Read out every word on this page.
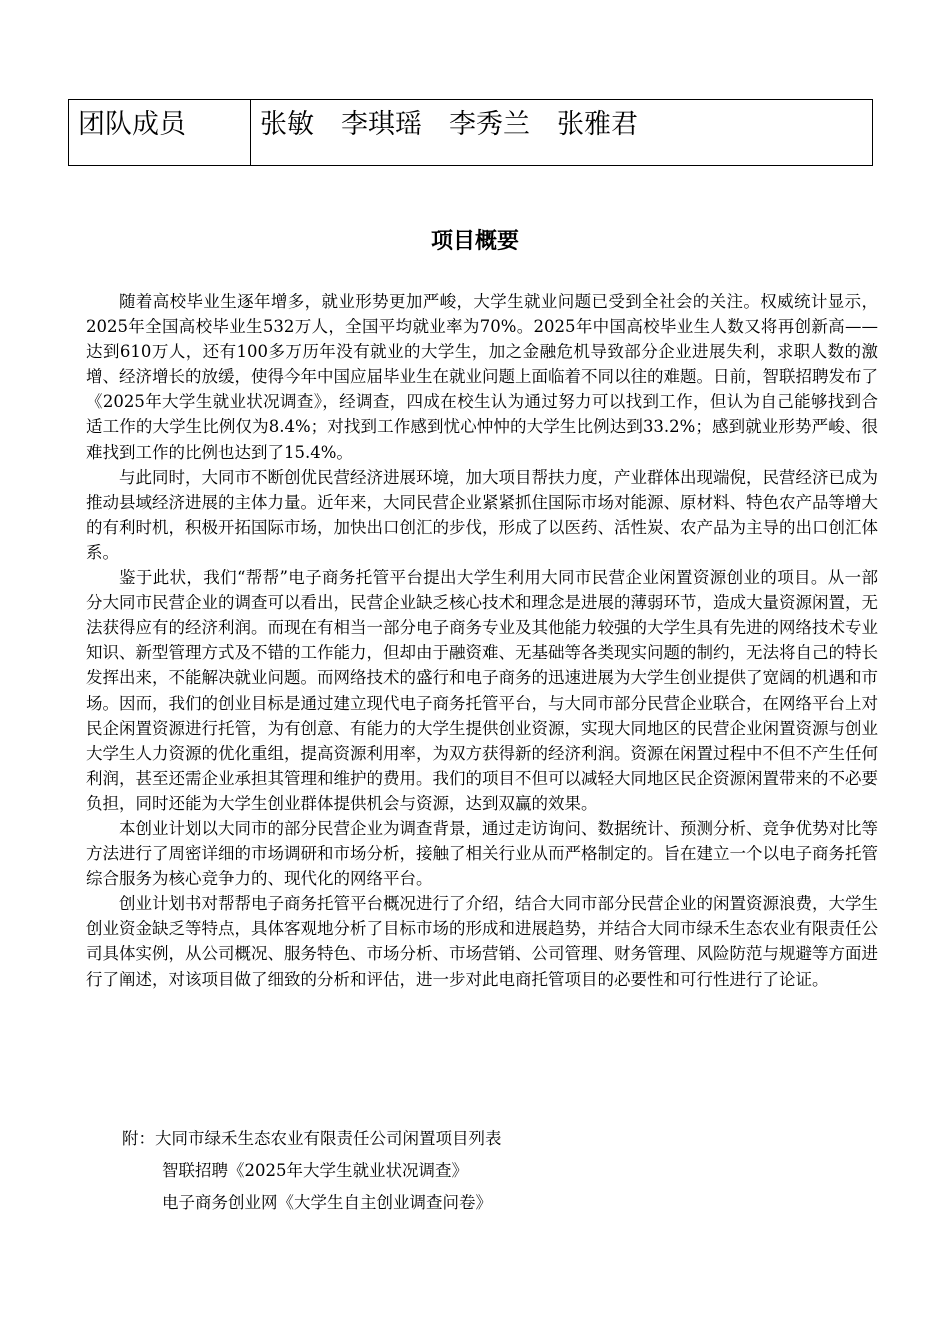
团队成员	张敏 李琪瑶 李秀兰 张雅君
项目概要

随着高校毕业生逐年增多，就业形势更加严峻，大学生就业问题已受到全社会的关注。权威统计显示，2025年全国高校毕业生532万人，全国平均就业率为70%。2025年中国高校毕业生人数又将再创新高——达到610万人，还有100多万历年没有就业的大学生，加之金融危机导致部分企业进展失利，求职人数的激增、经济增长的放缓，使得今年中国应届毕业生在就业问题上面临着不同以往的难题。日前，智联招聘发布了《2025年大学生就业状况调查》，经调查，四成在校生认为通过努力可以找到工作，但认为自己能够找到合适工作的大学生比例仅为8.4%；对找到工作感到忧心忡忡的大学生比例达到33.2%；感到就业形势严峻、很难找到工作的比例也达到了15.4%。

与此同时，大同市不断创优民营经济进展环境，加大项目帮扶力度，产业群体出现端倪，民营经济已成为推动县域经济进展的主体力量。近年来，大同民营企业紧紧抓住国际市场对能源、原材料、特色农产品等增大的有利时机，积极开拓国际市场，加快出口创汇的步伐，形成了以医药、活性炭、农产品为主导的出口创汇体系。

鉴于此状，我们“帮帮”电子商务托管平台提出大学生利用大同市民营企业闲置资源创业的项目。从一部分大同市民营企业的调查可以看出，民营企业缺乏核心技术和理念是进展的薄弱环节，造成大量资源闲置，无法获得应有的经济利润。而现在有相当一部分电子商务专业及其他能力较强的大学生具有先进的网络技术专业知识、新型管理方式及不错的工作能力，但却由于融资难、无基础等各类现实问题的制约，无法将自己的特长发挥出来，不能解决就业问题。而网络技术的盛行和电子商务的迅速进展为大学生创业提供了宽阔的机遇和市场。因而，我们的创业目标是通过建立现代电子商务托管平台，与大同市部分民营企业联合，在网络平台上对民企闲置资源进行托管，为有创意、有能力的大学生提供创业资源，实现大同地区的民营企业闲置资源与创业大学生人力资源的优化重组，提高资源利用率，为双方获得新的经济利润。资源在闲置过程中不但不产生任何利润，甚至还需企业承担其管理和维护的费用。我们的项目不但可以减轻大同地区民企资源闲置带来的不必要负担，同时还能为大学生创业群体提供机会与资源，达到双赢的效果。

本创业计划以大同市的部分民营企业为调查背景，通过走访询问、数据统计、预测分析、竞争优势对比等方法进行了周密详细的市场调研和市场分析，接触了相关行业从而严格制定的。旨在建立一个以电子商务托管综合服务为核心竞争力的、现代化的网络平台。

创业计划书对帮帮电子商务托管平台概况进行了介绍，结合大同市部分民营企业的闲置资源浪费，大学生创业资金缺乏等特点，具体客观地分析了目标市场的形成和进展趋势，并结合大同市绿禾生态农业有限责任公司具体实例，从公司概况、服务特色、市场分析、市场营销、公司管理、财务管理、风险防范与规避等方面进行了阐述，对该项目做了细致的分析和评估，进一步对此电商托管项目的必要性和可行性进行了论证。

附：大同市绿禾生态农业有限责任公司闲置项目列表
智联招聘《2025年大学生就业状况调查》
电子商务创业网《大学生自主创业调查问卷》
